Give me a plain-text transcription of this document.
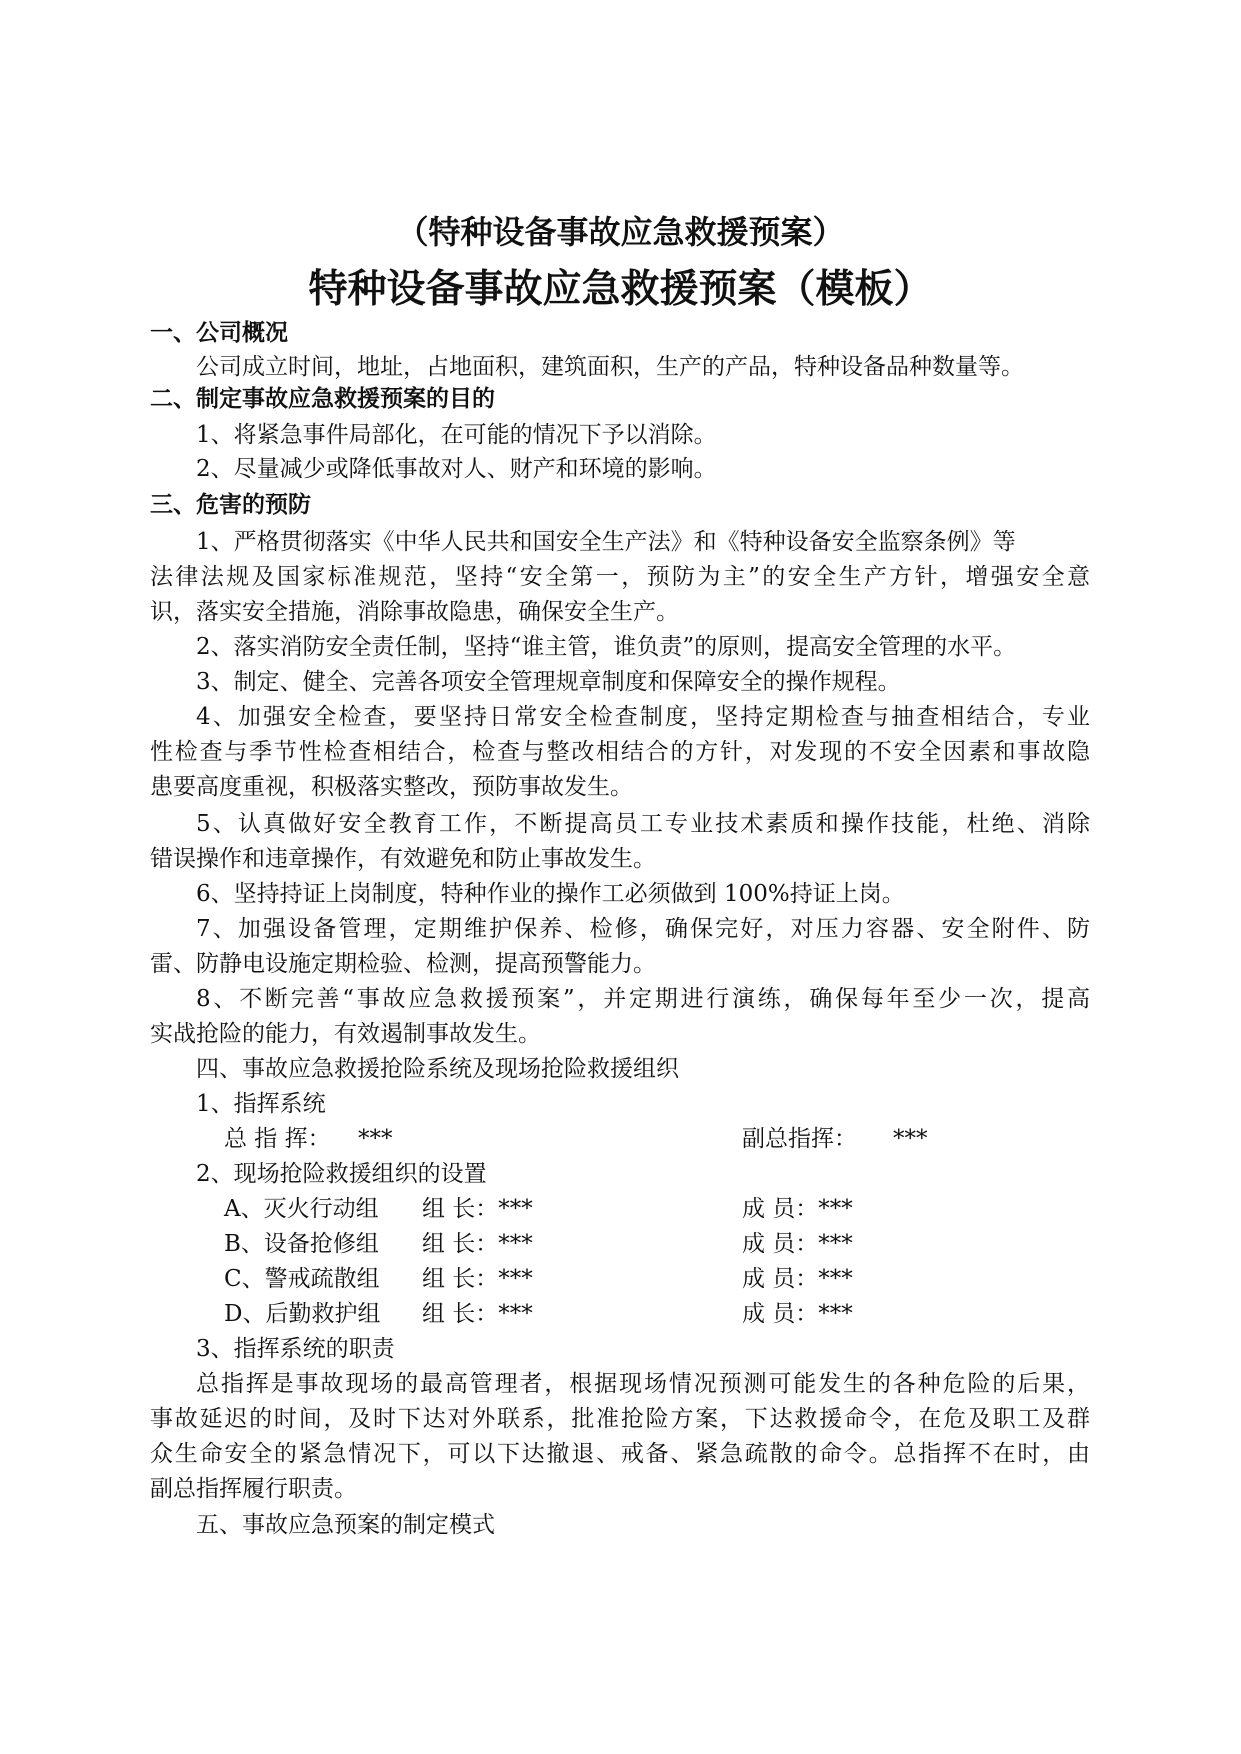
（特种设备事故应急救援预案）
特种设备事故应急救援预案（模板）
一、公司概况
公司成立时间，地址，占地面积，建筑面积，生产的产品，特种设备品种数量等。
二、制定事故应急救援预案的目的
1、将紧急事件局部化，在可能的情况下予以消除。
2、尽量减少或降低事故对人、财产和环境的影响。
三、危害的预防
1、严格贯彻落实《中华人民共和国安全生产法》和《特种设备安全监察条例》等
法律法规及国家标准规范，坚持“安全第一，预防为主”的安全生产方针，增强安全意
识，落实安全措施，消除事故隐患，确保安全生产。
2、落实消防安全责任制，坚持“谁主管，谁负责”的原则，提高安全管理的水平。
3、制定、健全、完善各项安全管理规章制度和保障安全的操作规程。
4、加强安全检查，要坚持日常安全检查制度，坚持定期检查与抽查相结合，专业
性检查与季节性检查相结合，检查与整改相结合的方针，对发现的不安全因素和事故隐
患要高度重视，积极落实整改，预防事故发生。
5、认真做好安全教育工作，不断提高员工专业技术素质和操作技能，杜绝、消除
错误操作和违章操作，有效避免和防止事故发生。
6、坚持持证上岗制度，特种作业的操作工必须做到 100%持证上岗。
7、加强设备管理，定期维护保养、检修，确保完好，对压力容器、安全附件、防
雷、防静电设施定期检验、检测，提高预警能力。
8、不断完善“事故应急救援预案”，并定期进行演练，确保每年至少一次，提高
实战抢险的能力，有效遏制事故发生。
四、事故应急救援抢险系统及现场抢险救援组织
1、指挥系统
总 指 挥： ***	副总指挥： ***
2、现场抢险救援组织的设置
A、灭火行动组 组 长：***	成 员：***
B、设备抢修组 组 长：***	成 员：***
C、警戒疏散组 组 长：***	成 员：***
D、后勤救护组 组 长：***	成 员：***
3、指挥系统的职责
总指挥是事故现场的最高管理者，根据现场情况预测可能发生的各种危险的后果，
事故延迟的时间，及时下达对外联系，批准抢险方案，下达救援命令，在危及职工及群
众生命安全的紧急情况下，可以下达撤退、戒备、紧急疏散的命令。总指挥不在时，由
副总指挥履行职责。
五、事故应急预案的制定模式
